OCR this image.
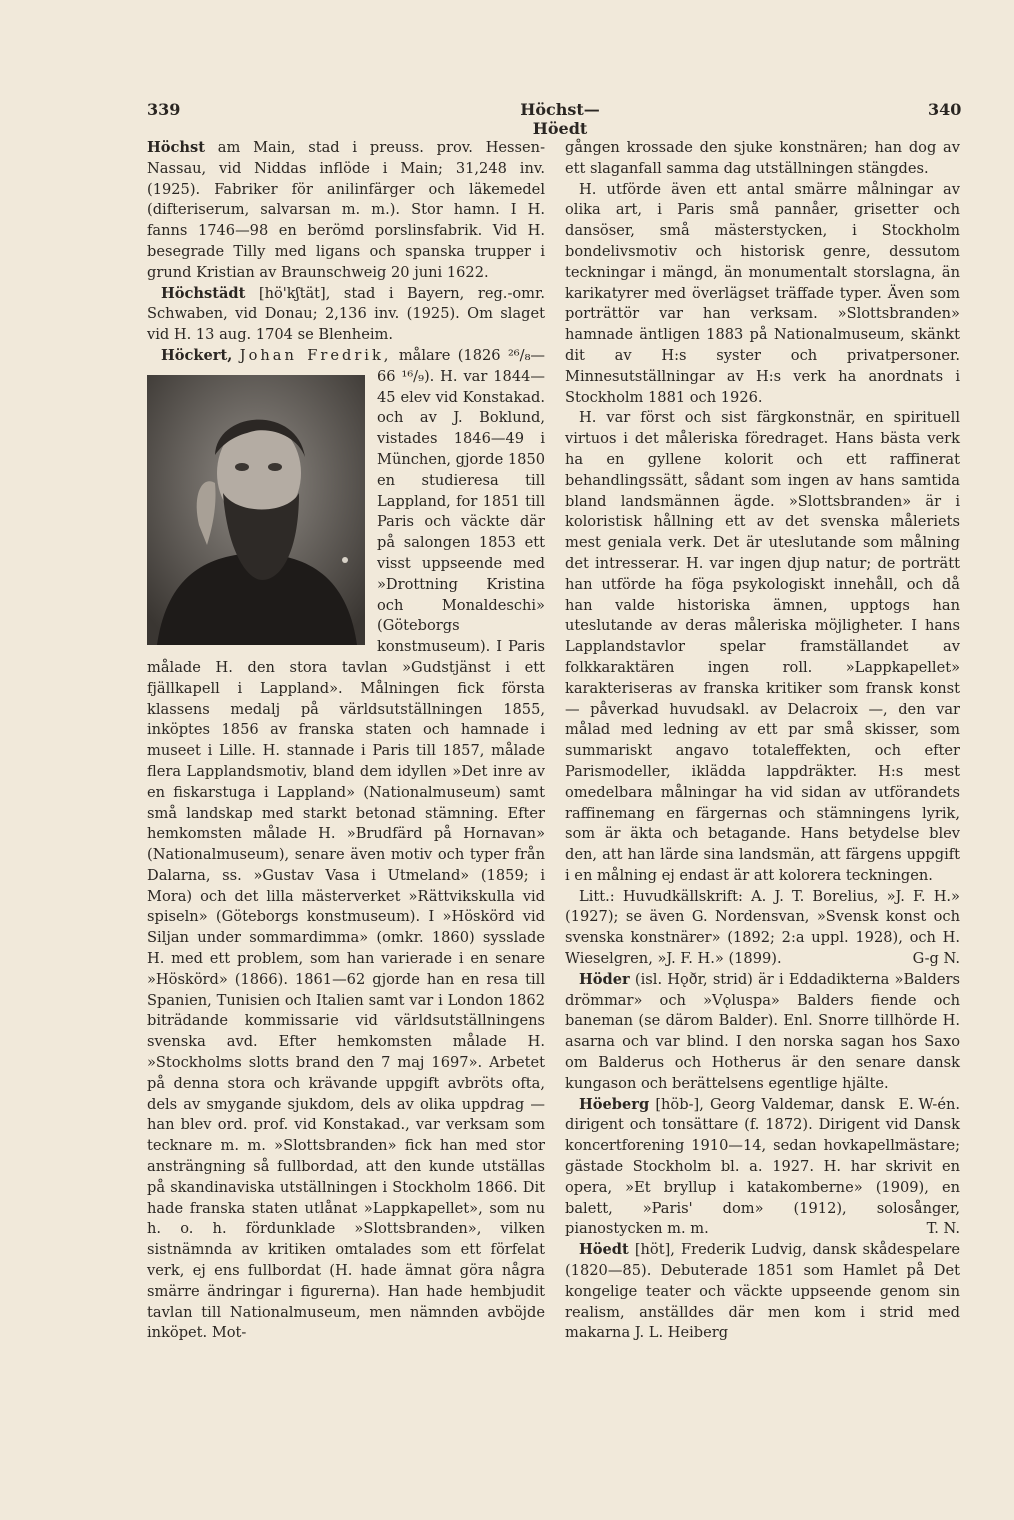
339	Höchst—Höedt
340

Höchst am Main, stad i preuss. prov. Hessen-Nassau, vid Niddas inflöde i Main; 31,248 inv. (1925). Fabriker för anilinfärger och läkemedel (difteriserum, salvarsan m. m.). Stor hamn. I H. fanns 1746—98 en berömd porslinsfabrik. Vid H. besegrade Tilly med ligans och spanska trupper i grund Kristian av Braunschweig 20 juni 1622.

Höchstädt [hö'kʃtät], stad i Bayern, reg.-omr. Schwaben, vid Donau; 2,136 inv. (1925). Om slaget vid H. 13 aug. 1704 se Blenheim.

Höckert, Johan Fredrik, målare (1826 ²⁶/₈—66 ¹⁶/₉). H. var 1844—45 elev vid Konstakad. och av J. Boklund, vistades 1846—49 i München, gjorde 1850 en studieresa till Lappland, for 1851 till Paris och väckte där på salongen 1853 ett visst uppseende med »Drottning Kristina och Monaldeschi» (Göteborgs konstmuseum). I Paris målade H. den stora tavlan »Gudstjänst i ett fjällkapell i Lappland». Målningen fick första klassens medalj på världsutställningen 1855, inköptes 1856 av franska staten och hamnade i museet i Lille. H. stannade i Paris till 1857, målade flera Lapplandsmotiv, bland dem idyllen »Det inre av en fiskarstuga i Lappland» (Nationalmuseum) samt små landskap med starkt betonad stämning. Efter hemkomsten målade H. »Brudfärd på Hornavan» (Nationalmuseum), senare även motiv och typer från Dalarna, ss. »Gustav Vasa i Utmeland» (1859; i Mora) och det lilla mästerverket »Rättvikskulla vid spiseln» (Göteborgs konstmuseum). I »Höskörd vid Siljan under sommardimma» (omkr. 1860) sysslade H. med ett problem, som han varierade i en senare »Höskörd» (1866). 1861—62 gjorde han en resa till Spanien, Tunisien och Italien samt var i London 1862 biträdande kommissarie vid världsutställningens svenska avd. Efter hemkomsten målade H. »Stockholms slotts brand den 7 maj 1697». Arbetet på denna stora och krävande uppgift avbröts ofta, dels av smygande sjukdom, dels av olika uppdrag — han blev ord. prof. vid Konstakad., var verksam som tecknare m. m. »Slottsbranden» fick han med stor ansträngning så fullbordad, att den kunde utställas på skandinaviska utställningen i Stockholm 1866. Dit hade franska staten utlånat »Lappkapellet», som nu h. o. h. fördunklade »Slottsbranden», vilken sistnämnda av kritiken omtalades som ett förfelat verk, ej ens fullbordat (H. hade ämnat göra några smärre ändringar i figurerna). Han hade hembjudit tavlan till Nationalmuseum, men nämnden avböjde inköpet. Mot-

gången krossade den sjuke konstnären; han dog av ett slaganfall samma dag utställningen stängdes.

H. utförde även ett antal smärre målningar av olika art, i Paris små pannåer, grisetter och dansöser, små mästerstycken, i Stockholm bondelivsmotiv och historisk genre, dessutom teckningar i mängd, än monumentalt storslagna, än karikatyrer med överlägset träffade typer. Även som porträttör var han verksam. »Slottsbranden» hamnade äntligen 1883 på Nationalmuseum, skänkt dit av H:s syster och privatpersoner. Minnesutställningar av H:s verk ha anordnats i Stockholm 1881 och 1926.

H. var först och sist färgkonstnär, en spirituell virtuos i det måleriska föredraget. Hans bästa verk ha en gyllene kolorit och ett raffinerat behandlingssätt, sådant som ingen av hans samtida bland landsmännen ägde. »Slottsbranden» är i koloristisk hållning ett av det svenska måleriets mest geniala verk. Det är uteslutande som målning det intresserar. H. var ingen djup natur; de porträtt han utförde ha föga psykologiskt innehåll, och då han valde historiska ämnen, upptogs han uteslutande av deras måleriska möjligheter. I hans Lapplandstavlor spelar framställandet av folkkaraktären ingen roll. »Lappkapellet» karakteriseras av franska kritiker som fransk konst — påverkad huvudsakl. av Delacroix —, den var målad med ledning av ett par små skisser, som summariskt angavo totaleffekten, och efter Parismodeller, iklädda lappdräkter. H:s mest omedelbara målningar ha vid sidan av utförandets raffinemang en färgernas och stämningens lyrik, som är äkta och betagande. Hans betydelse blev den, att han lärde sina landsmän, att färgens uppgift i en målning ej endast är att kolorera teckningen.

Litt.: Huvudkällskrift: A. J. T. Borelius, »J. F. H.» (1927); se även G. Nordensvan, »Svensk konst och svenska konstnärer» (1892; 2:a uppl. 1928), och H. Wieselgren, »J. F. H.» (1899).	G-g N.

Höder (isl. Hǫðr, strid) är i Eddadikterna »Balders drömmar» och »Vǫluspa» Balders fiende och baneman (se därom Balder). Enl. Snorre tillhörde H. asarna och var blind. I den norska sagan hos Saxo om Balderus och Hotherus är den senare dansk kungason och berättelsens egentlige hjälte.
E. W-én.

Höeberg [höb-], Georg Valdemar, dansk dirigent och tonsättare (f. 1872). Dirigent vid Dansk koncertforening 1910—14, sedan hovkapellmästare; gästade Stockholm bl. a. 1927. H. har skrivit en opera, »Et bryllup i katakomberne» (1909), en balett, »Paris' dom» (1912), solosånger, pianostycken m. m.	T. N.

Höedt [höt], Frederik Ludvig, dansk skådespelare (1820—85). Debuterade 1851 som Hamlet på Det kongelige teater och väckte uppseende genom sin realism, anställdes där men kom i strid med makarna J. L. Heiberg
